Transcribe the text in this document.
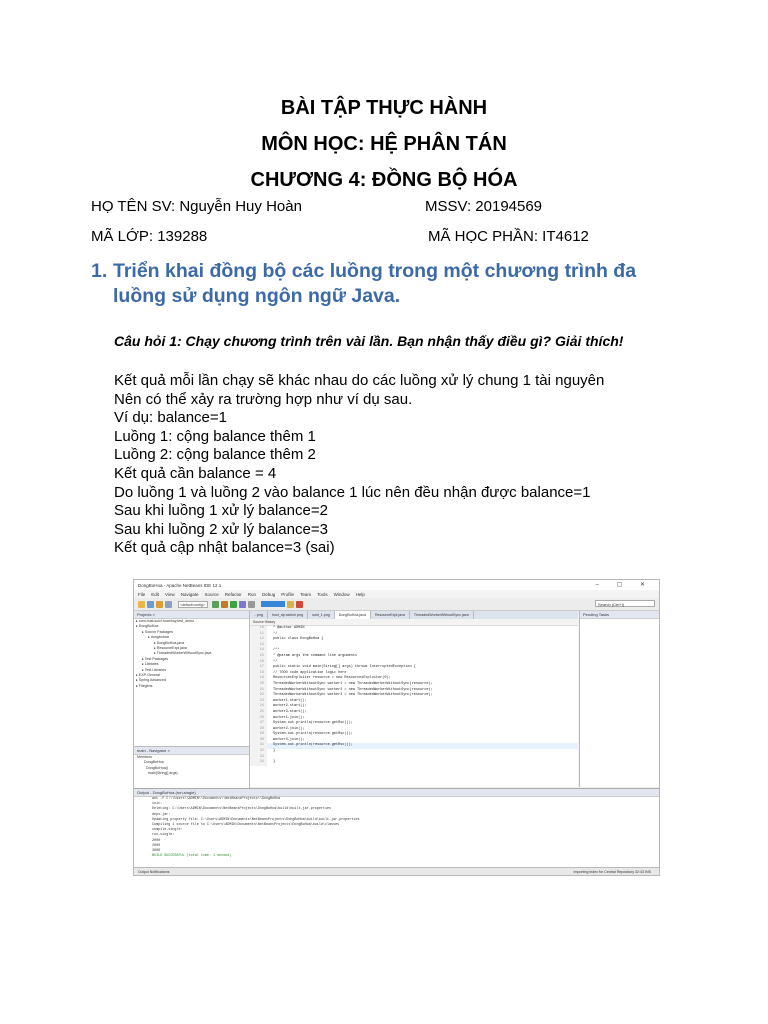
BÀI TẬP THỰC HÀNH
MÔN HỌC: HỆ PHÂN TÁN
CHƯƠNG 4: ĐỒNG BỘ HÓA
HỌ TÊN SV: Nguyễn Huy Hoàn	MSSV: 20194569
MÃ LỚP: 139288	MÃ HỌC PHẦN: IT4612
1. Triển khai đồng bộ các luồng trong một chương trình đa luồng sử dụng ngôn ngữ Java.
Câu hỏi 1: Chạy chương trình trên vài lần. Bạn nhận thấy điều gì? Giải thích!
Kết quả mỗi lần chạy sẽ khác nhau do các luồng xử lý chung 1 tài nguyên
Nên có thể xảy ra trường hợp như ví dụ sau.
Ví dụ: balance=1
Luồng 1: cộng balance thêm 1
Luồng 2: cộng balance thêm 2
Kết quả cần balance = 4
Do luồng 1 và luồng 2 vào balance 1 lúc nên đều nhận được balance=1
Sau khi luồng 1 xử lý balance=2
Sau khi luồng 2 xử lý balance=3
Kết quả cập nhật balance=3 (sai)
DongBoHoa - Apache NetBeans IDE 12.1	– ▢ ✕
File Edit View Navigate Source Refactor Run Debug Profile Team Tools Window Help
<default config>	Search (Ctrl+I)
Projects ×
▸ com.hust.soict.hoanhuy.test_demo
▸ DongBoHoa
▸ Source Packages
▸ dongbohoa
▸ DongBoHoa.java
▸ ResourceExpl.java
▸ ThreadedWorkerWithoutSync.java
▸ Test Packages
▸ Libraries
▸ Test Libraries
▸ EXP-General
▸ Spring Advanced
▸ Filegens
main - Navigator ×
Members
DongBoHoa
DongBoHoa()
main(String[] args)
...png	hust_dp.sketch.png	sold_1.png	DongBoHoa.java	ResourceExpl.java	ThreadedWorkerWithoutSync.java
Source History
10	* @author ADMIN
11	*/
12	public class DongBoHoa {
13
14	/**
15	* @param args the command line arguments
16	*/
17	public static void main(String[] args) throws InterruptedException {
18	// TODO code application logic here
19	ResourcesExploiter resource = new ResourcesExploiter(0);
20	ThreadedWorkerWithoutSync worker1 = new ThreadedWorkerWithoutSync(resource);
21	ThreadedWorkerWithoutSync worker2 = new ThreadedWorkerWithoutSync(resource);
22	ThreadedWorkerWithoutSync worker3 = new ThreadedWorkerWithoutSync(resource);
23	worker1.start();
24	worker2.start();
25	worker3.start();
26	worker1.join();
27	System.out.println(resource.getRsc());
28	worker2.join();
29	System.out.println(resource.getRsc());
30	worker3.join();
31	System.out.println(resource.getRsc());
32	}
33
34	}
Pending Tasks
Output - DongBoHoa (run-single)
ant -f C:\\Users\\ADMIN\\Documents\\NetBeansProjects\\DongBoHoa
init:
Deleting: C:\Users\ADMIN\Documents\NetBeansProjects\DongBoHoa\build\built-jar.properties
deps-jar:
Updating property file: C:\Users\ADMIN\Documents\NetBeansProjects\DongBoHoa\build\built-jar.properties
Compiling 1 source file to C:\Users\ADMIN\Documents\NetBeansProjects\DongBoHoa\build\classes
compile-single:
run-single:
2000
2000
3000
BUILD SUCCESSFUL (total time: 1 second)
Output Notifications	Importing index for Central Repository 32:43 INS
